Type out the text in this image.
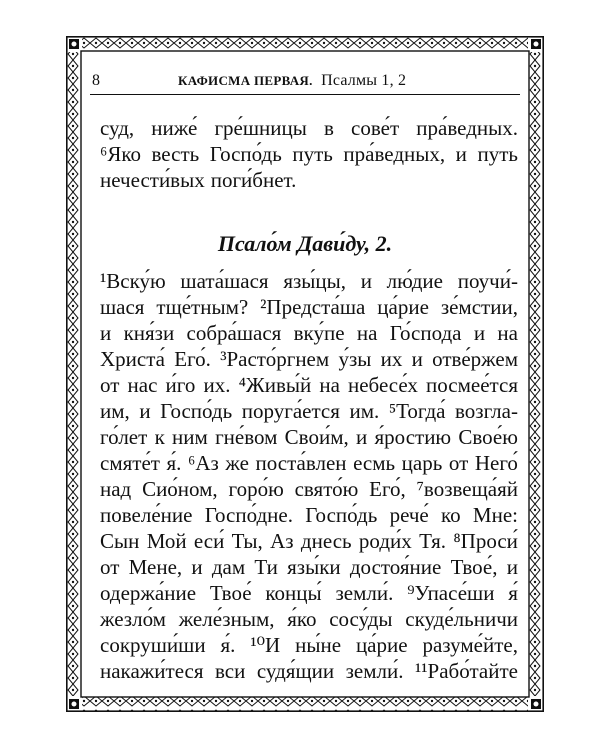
8	КАФИСМА ПЕРВАЯ. Псалмы 1, 2
суд, ниже́ гре́шницы в сове́т пра́ведных.
⁶Яко весть Госпо́дь путь пра́ведных, и путь
нечести́вых поги́бнет.
Псало́м Дави́ду, 2.
¹Вску́ю шата́шася язы́цы, и лю́дие поучи́-
шася тще́тным? ²Предста́ша ца́рие зе́мстии,
и кня́зи собра́шася вку́пе на Го́спода и на
Христа́ Его́. ³Расто́ргнем у́зы их и отве́ржем
от нас и́го их. ⁴Живы́й на небесе́х посмее́тся
им, и Госпо́дь поруга́ется им. ⁵Тогда́ возгла-
го́лет к ним гне́вом Свои́м, и я́ростию Свое́ю
смяте́т я́. ⁶Аз же поста́влен есмь царь от Него́
над Сио́ном, горо́ю свято́ю Его́, ⁷возвеща́яй
повеле́ние Госпо́дне. Госпо́дь рече́ ко Мне:
Сын Мой еси́ Ты, Аз днесь роди́х Тя. ⁸Проси́
от Мене, и дам Ти язы́ки достоя́ние Твое́, и
одержа́ние Твое́ концы́ земли́. ⁹Упасе́ши я́
жезло́м желе́зным, я́ко сосу́ды скуде́льничи
сокруши́ши я́. ¹⁰И ны́не ца́рие разуме́йте,
накажи́теся вси судя́щии земли́. ¹¹Рабо́тайте
